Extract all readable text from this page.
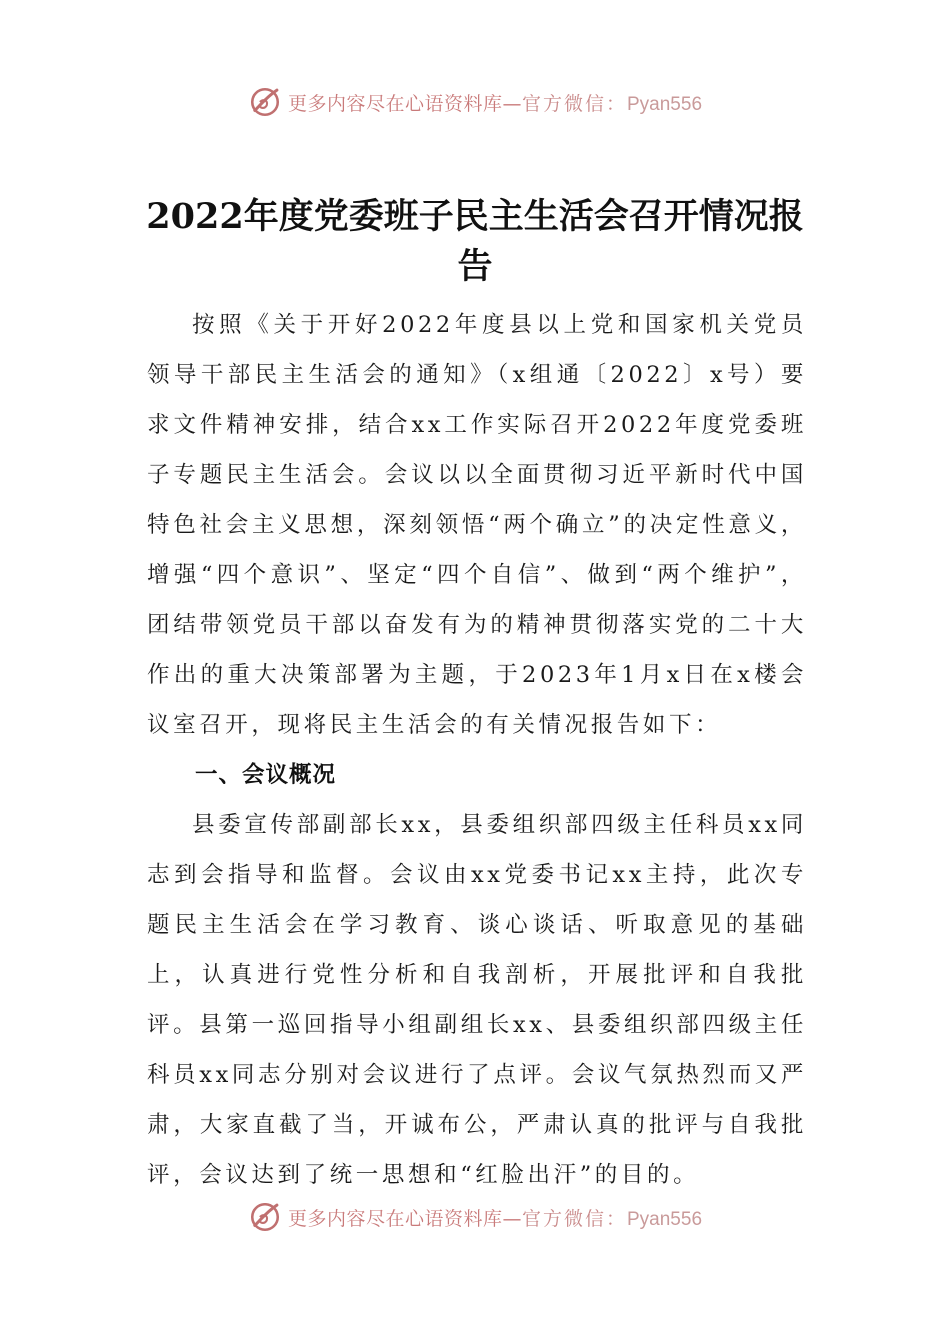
更多内容尽在心语资料库—官方微信：Pyan556
2022年度党委班子民主生活会召开情况报
告

按照《关于开好2022年度县以上党和国家机关党员领导干部民主生活会的通知》（x组通〔2022〕x号）要求文件精神安排，结合xx工作实际召开2022年度党委班子专题民主生活会。会议以以全面贯彻习近平新时代中国特色社会主义思想，深刻领悟“两个确立”的决定性意义，增强“四个意识”、坚定“四个自信”、做到“两个维护”，团结带领党员干部以奋发有为的精神贯彻落实党的二十大作出的重大决策部署为主题，于2023年1月x日在x楼会议室召开，现将民主生活会的有关情况报告如下：

一、会议概况

县委宣传部副部长xx，县委组织部四级主任科员xx同志到会指导和监督。会议由xx党委书记xx主持，此次专题民主生活会在学习教育、谈心谈话、听取意见的基础上，认真进行党性分析和自我剖析，开展批评和自我批评。县第一巡回指导小组副组长xx、县委组织部四级主任科员xx同志分别对会议进行了点评。会议气氛热烈而又严肃，大家直截了当，开诚布公，严肃认真的批评与自我批评，会议达到了统一思想和“红脸出汗”的目的。

更多内容尽在心语资料库—官方微信：Pyan556
